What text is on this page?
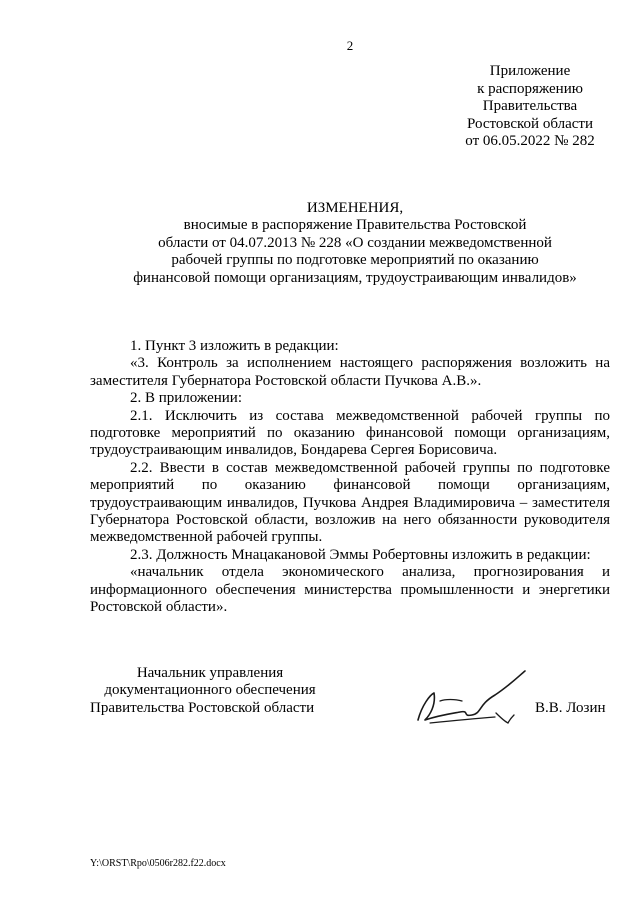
2
Приложение
к распоряжению
Правительства
Ростовской области
от 06.05.2022 № 282
ИЗМЕНЕНИЯ,
вносимые в распоряжение Правительства Ростовской
области от 04.07.2013 № 228 «О создании межведомственной
рабочей группы по подготовке мероприятий по оказанию
финансовой помощи организациям, трудоустраивающим инвалидов»

1. Пункт 3 изложить в редакции:

«3. Контроль за исполнением настоящего распоряжения возложить на заместителя Губернатора Ростовской области Пучкова А.В.».

2. В приложении:

2.1. Исключить из состава межведомственной рабочей группы по подготовке мероприятий по оказанию финансовой помощи организациям, трудоустраивающим инвалидов, Бондарева Сергея Борисовича.

2.2. Ввести в состав межведомственной рабочей группы по подготовке мероприятий по оказанию финансовой помощи организациям, трудоустраивающим инвалидов, Пучкова Андрея Владимировича – заместителя Губернатора Ростовской области, возложив на него обязанности руководителя межведомственной рабочей группы.

2.3. Должность Мнацакановой Эммы Робертовны изложить в редакции:

«начальник отдела экономического анализа, прогнозирования и информационного обеспечения министерства промышленности и энергетики Ростовской области».

Начальник управления
документационного обеспечения
Правительства Ростовской области	В.В. Лозин
Y:\ORST\Rpo\0506r282.f22.docx
